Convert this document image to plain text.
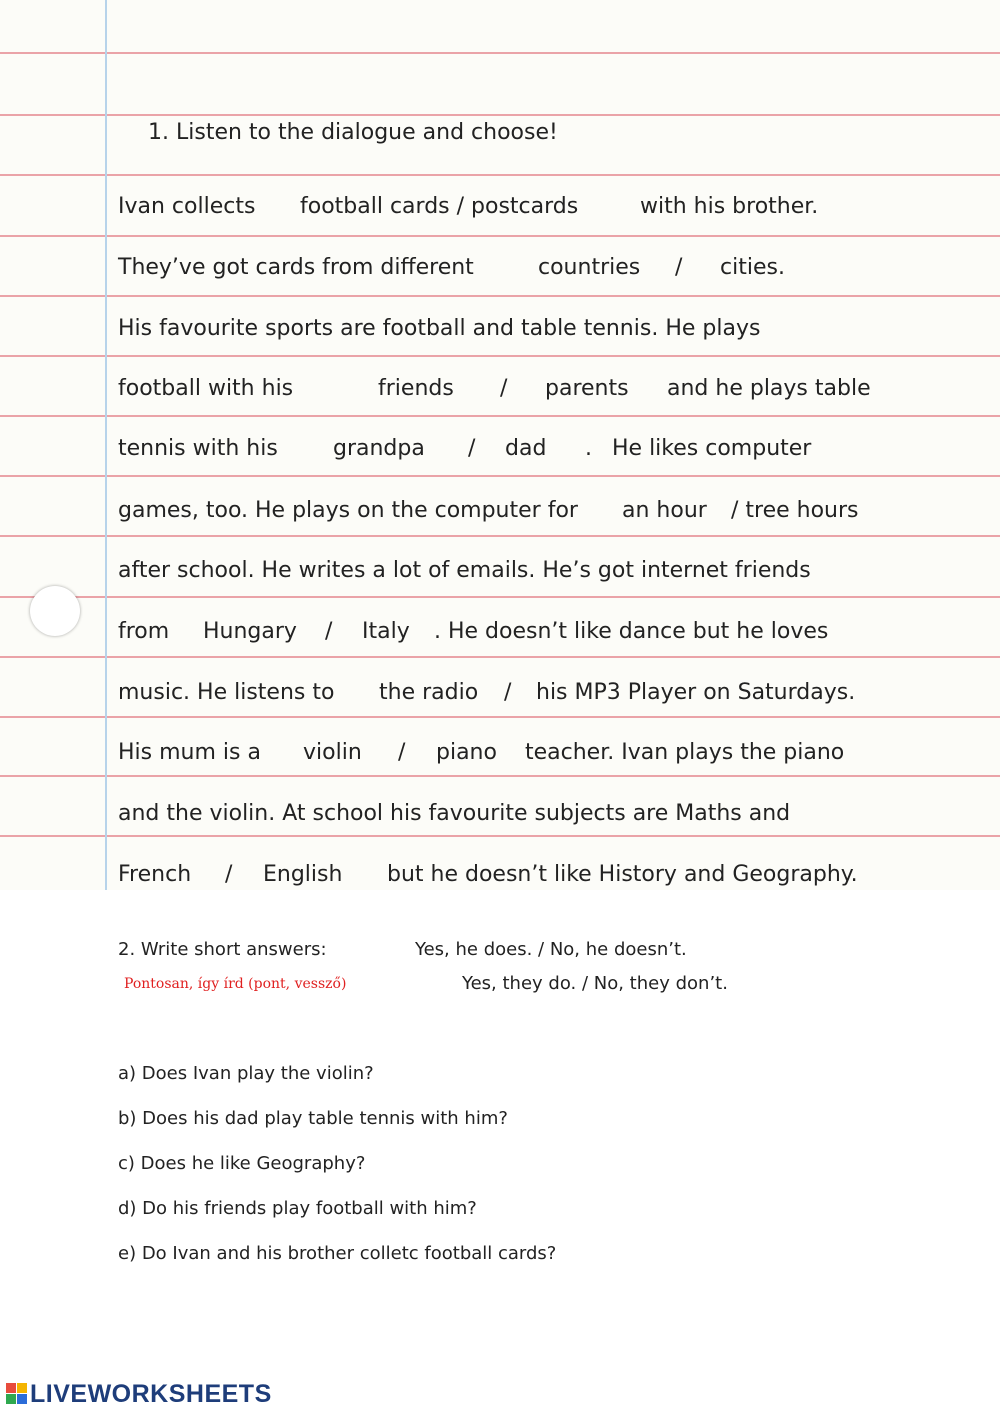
1. Listen to the dialogue and choose!
Ivan collects football cards / postcards	with his brother.
They’ve got cards from different	countries / cities.
His favourite sports are football and table tennis. He plays
football with his	friends / parents and he plays table
tennis with his	grandpa / dad . He likes computer
games, too. He plays on the computer for an hour / tree hours
after school. He writes a lot of emails. He’s got internet friends
from Hungary / Italy . He doesn’t like dance but he loves
music. He listens to the radio / his MP3 Player on Saturdays.
His mum is a violin / piano teacher. Ivan plays the piano
and the violin. At school his favourite subjects are Maths and
French / English but he doesn’t like History and Geography.
2. Write short answers:	Yes, he does. / No, he doesn’t.
Pontosan, így írd (pont, vessző)	Yes, they do. / No, they don’t.
a) Does Ivan play the violin?
b) Does his dad play table tennis with him?
c) Does he like Geography?
d) Do his friends play football with him?
e) Do Ivan and his brother colletc football cards?
LIVEWORKSHEETS
